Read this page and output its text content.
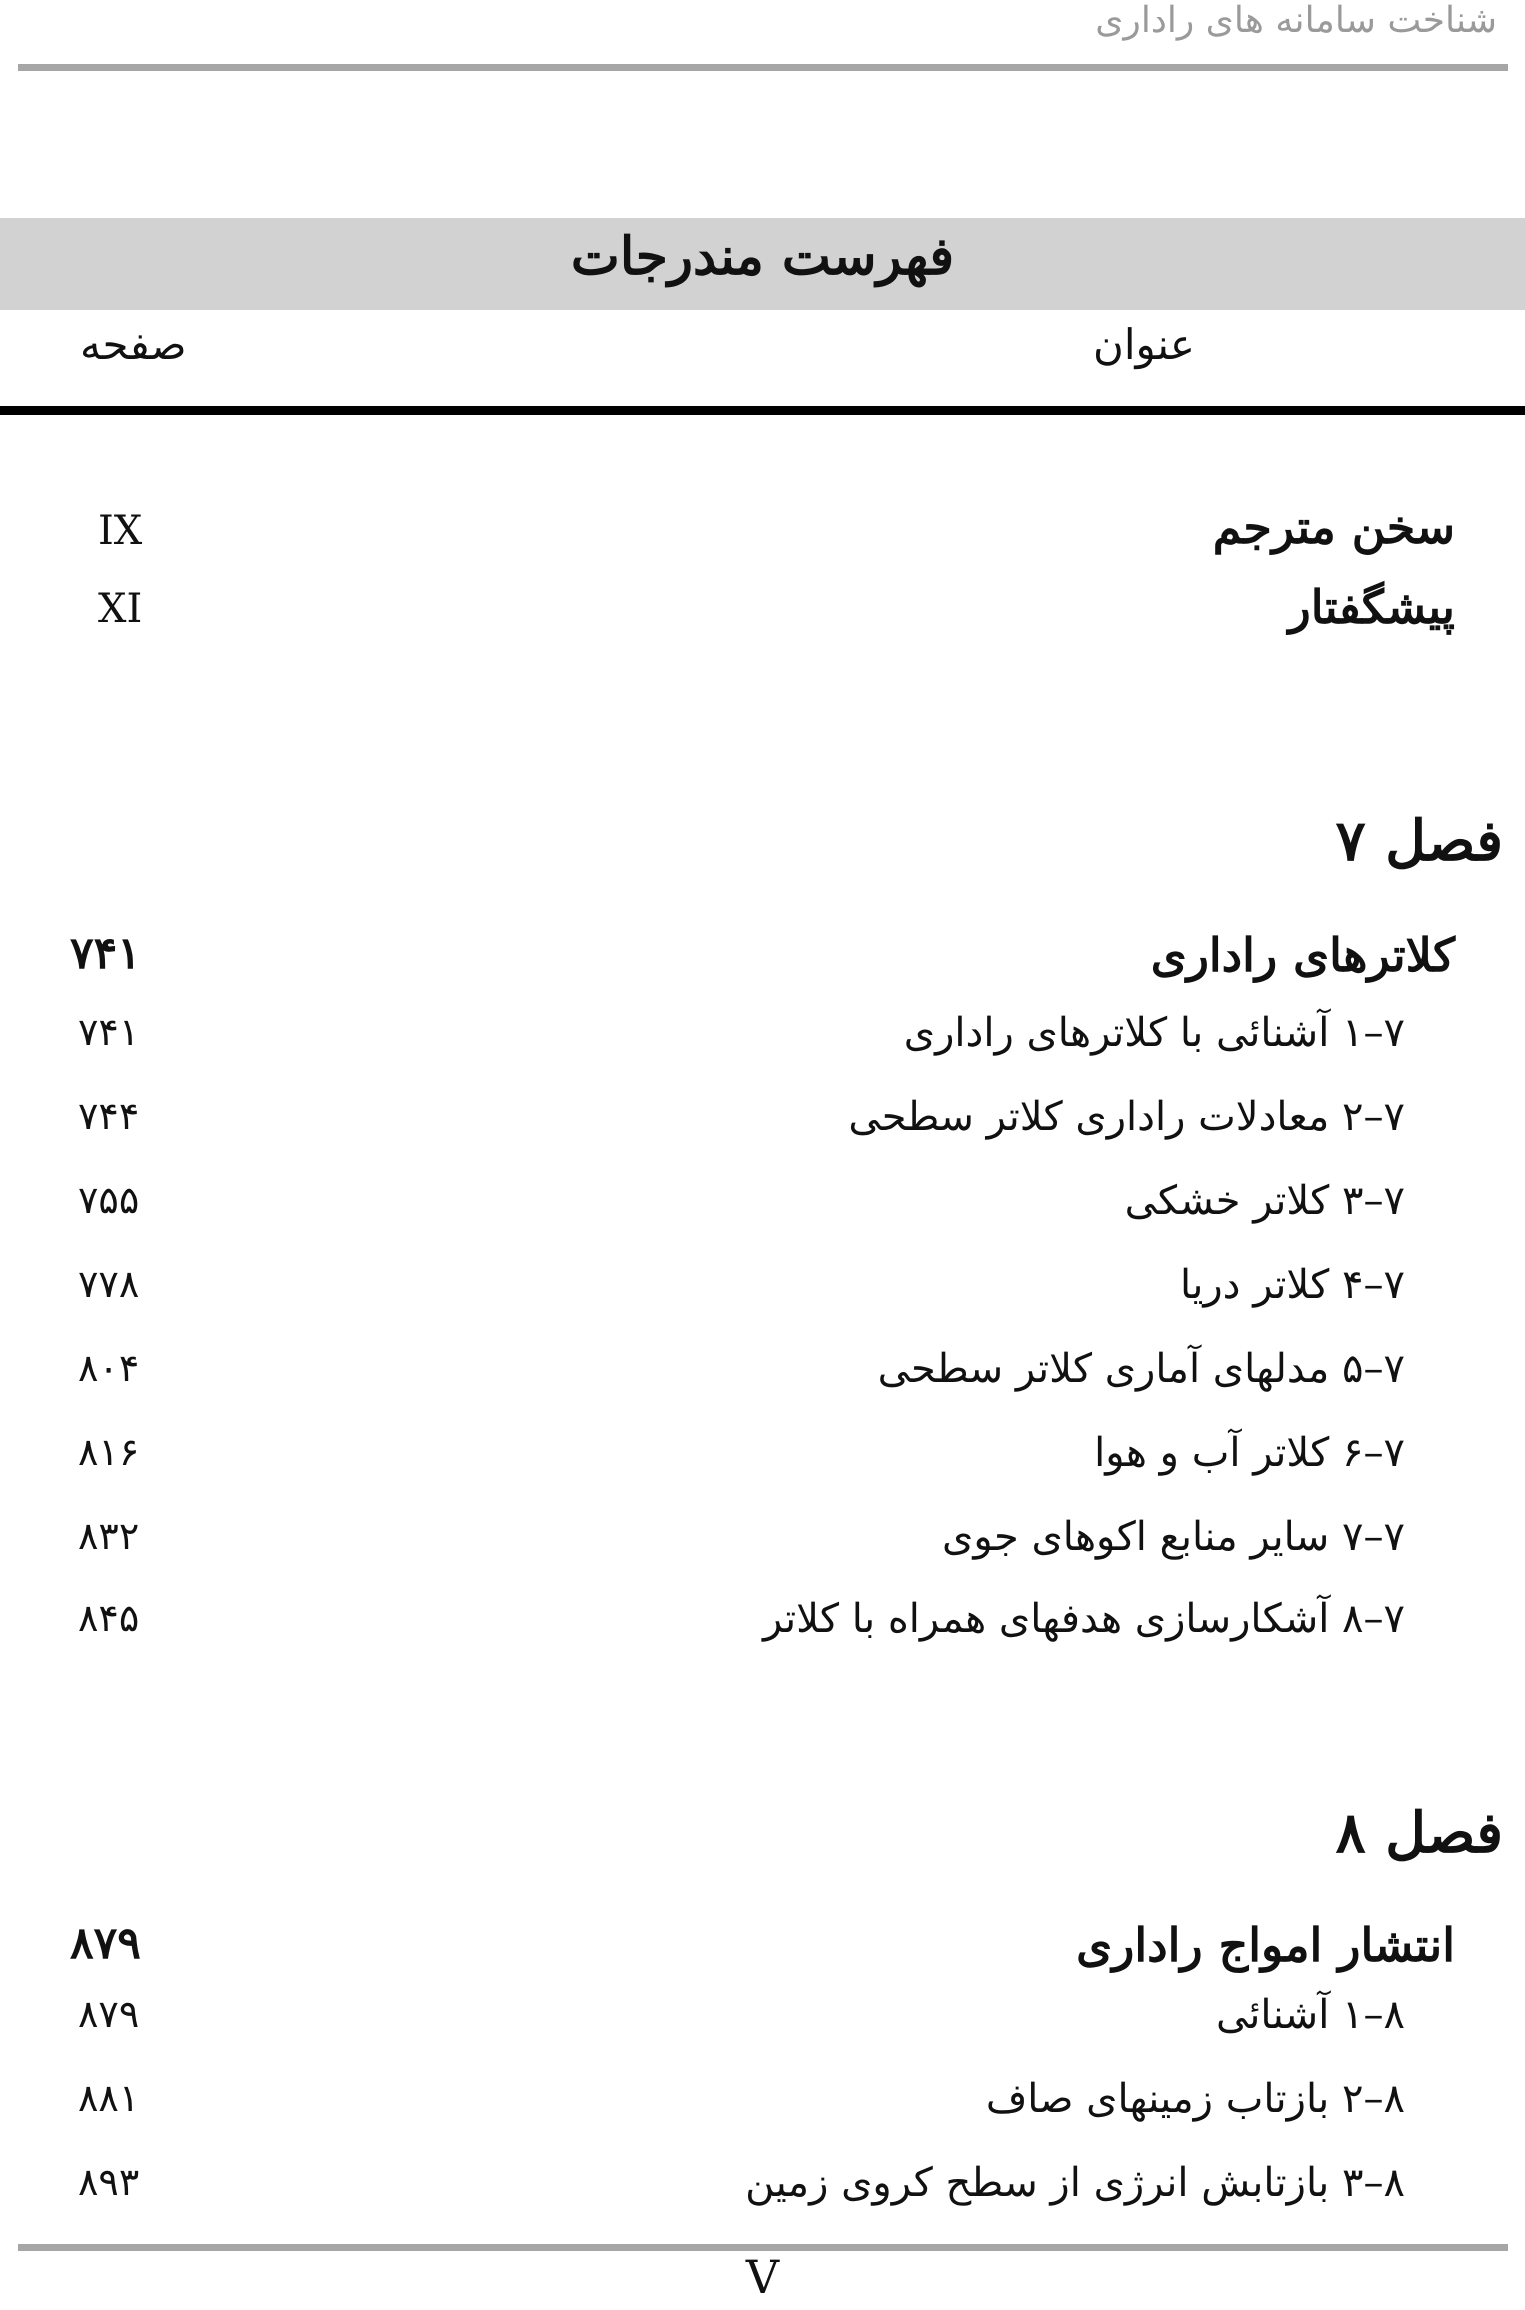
شناخت سامانه های راداری
فهرست مندرجات
عنوان
صفحه
سخن مترجم
IX
پیشگفتار
XI
فصل ۷
کلاترهای راداری
۷۴۱
۷–۱ آشنائی با کلاترهای راداری
۷۴۱
۷–۲ معادلات راداری کلاتر سطحی
۷۴۴
۷–۳ کلاتر خشکی
۷۵۵
۷–۴ کلاتر دریا
۷۷۸
۷–۵ مدلهای آماری کلاتر سطحی
۸۰۴
۷–۶ کلاتر آب و هوا
۸۱۶
۷–۷ سایر منابع اکوهای جوی
۸۳۲
۷–۸ آشکارسازی هدفهای همراه با کلاتر
۸۴۵
فصل ۸
انتشار امواج راداری
۸۷۹
۸–۱ آشنائی
۸۷۹
۸–۲ بازتاب زمینهای صاف
۸۸۱
۸–۳ بازتابش انرژی از سطح کروی زمین
۸۹۳
V
